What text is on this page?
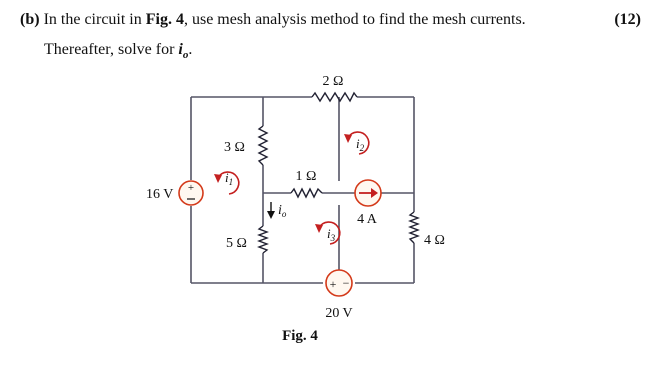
(b) In the circuit in Fig. 4, use mesh analysis method to find the mesh currents.	(12)
Thereafter, solve for $i_o$.
2 Ω
3 Ω
1 Ω
5 Ω	4 Ω
+
16 V
4 A
+ −
20 V
$i_1$
$i_2$
$i_3$
$i_o$
Fig. 4
